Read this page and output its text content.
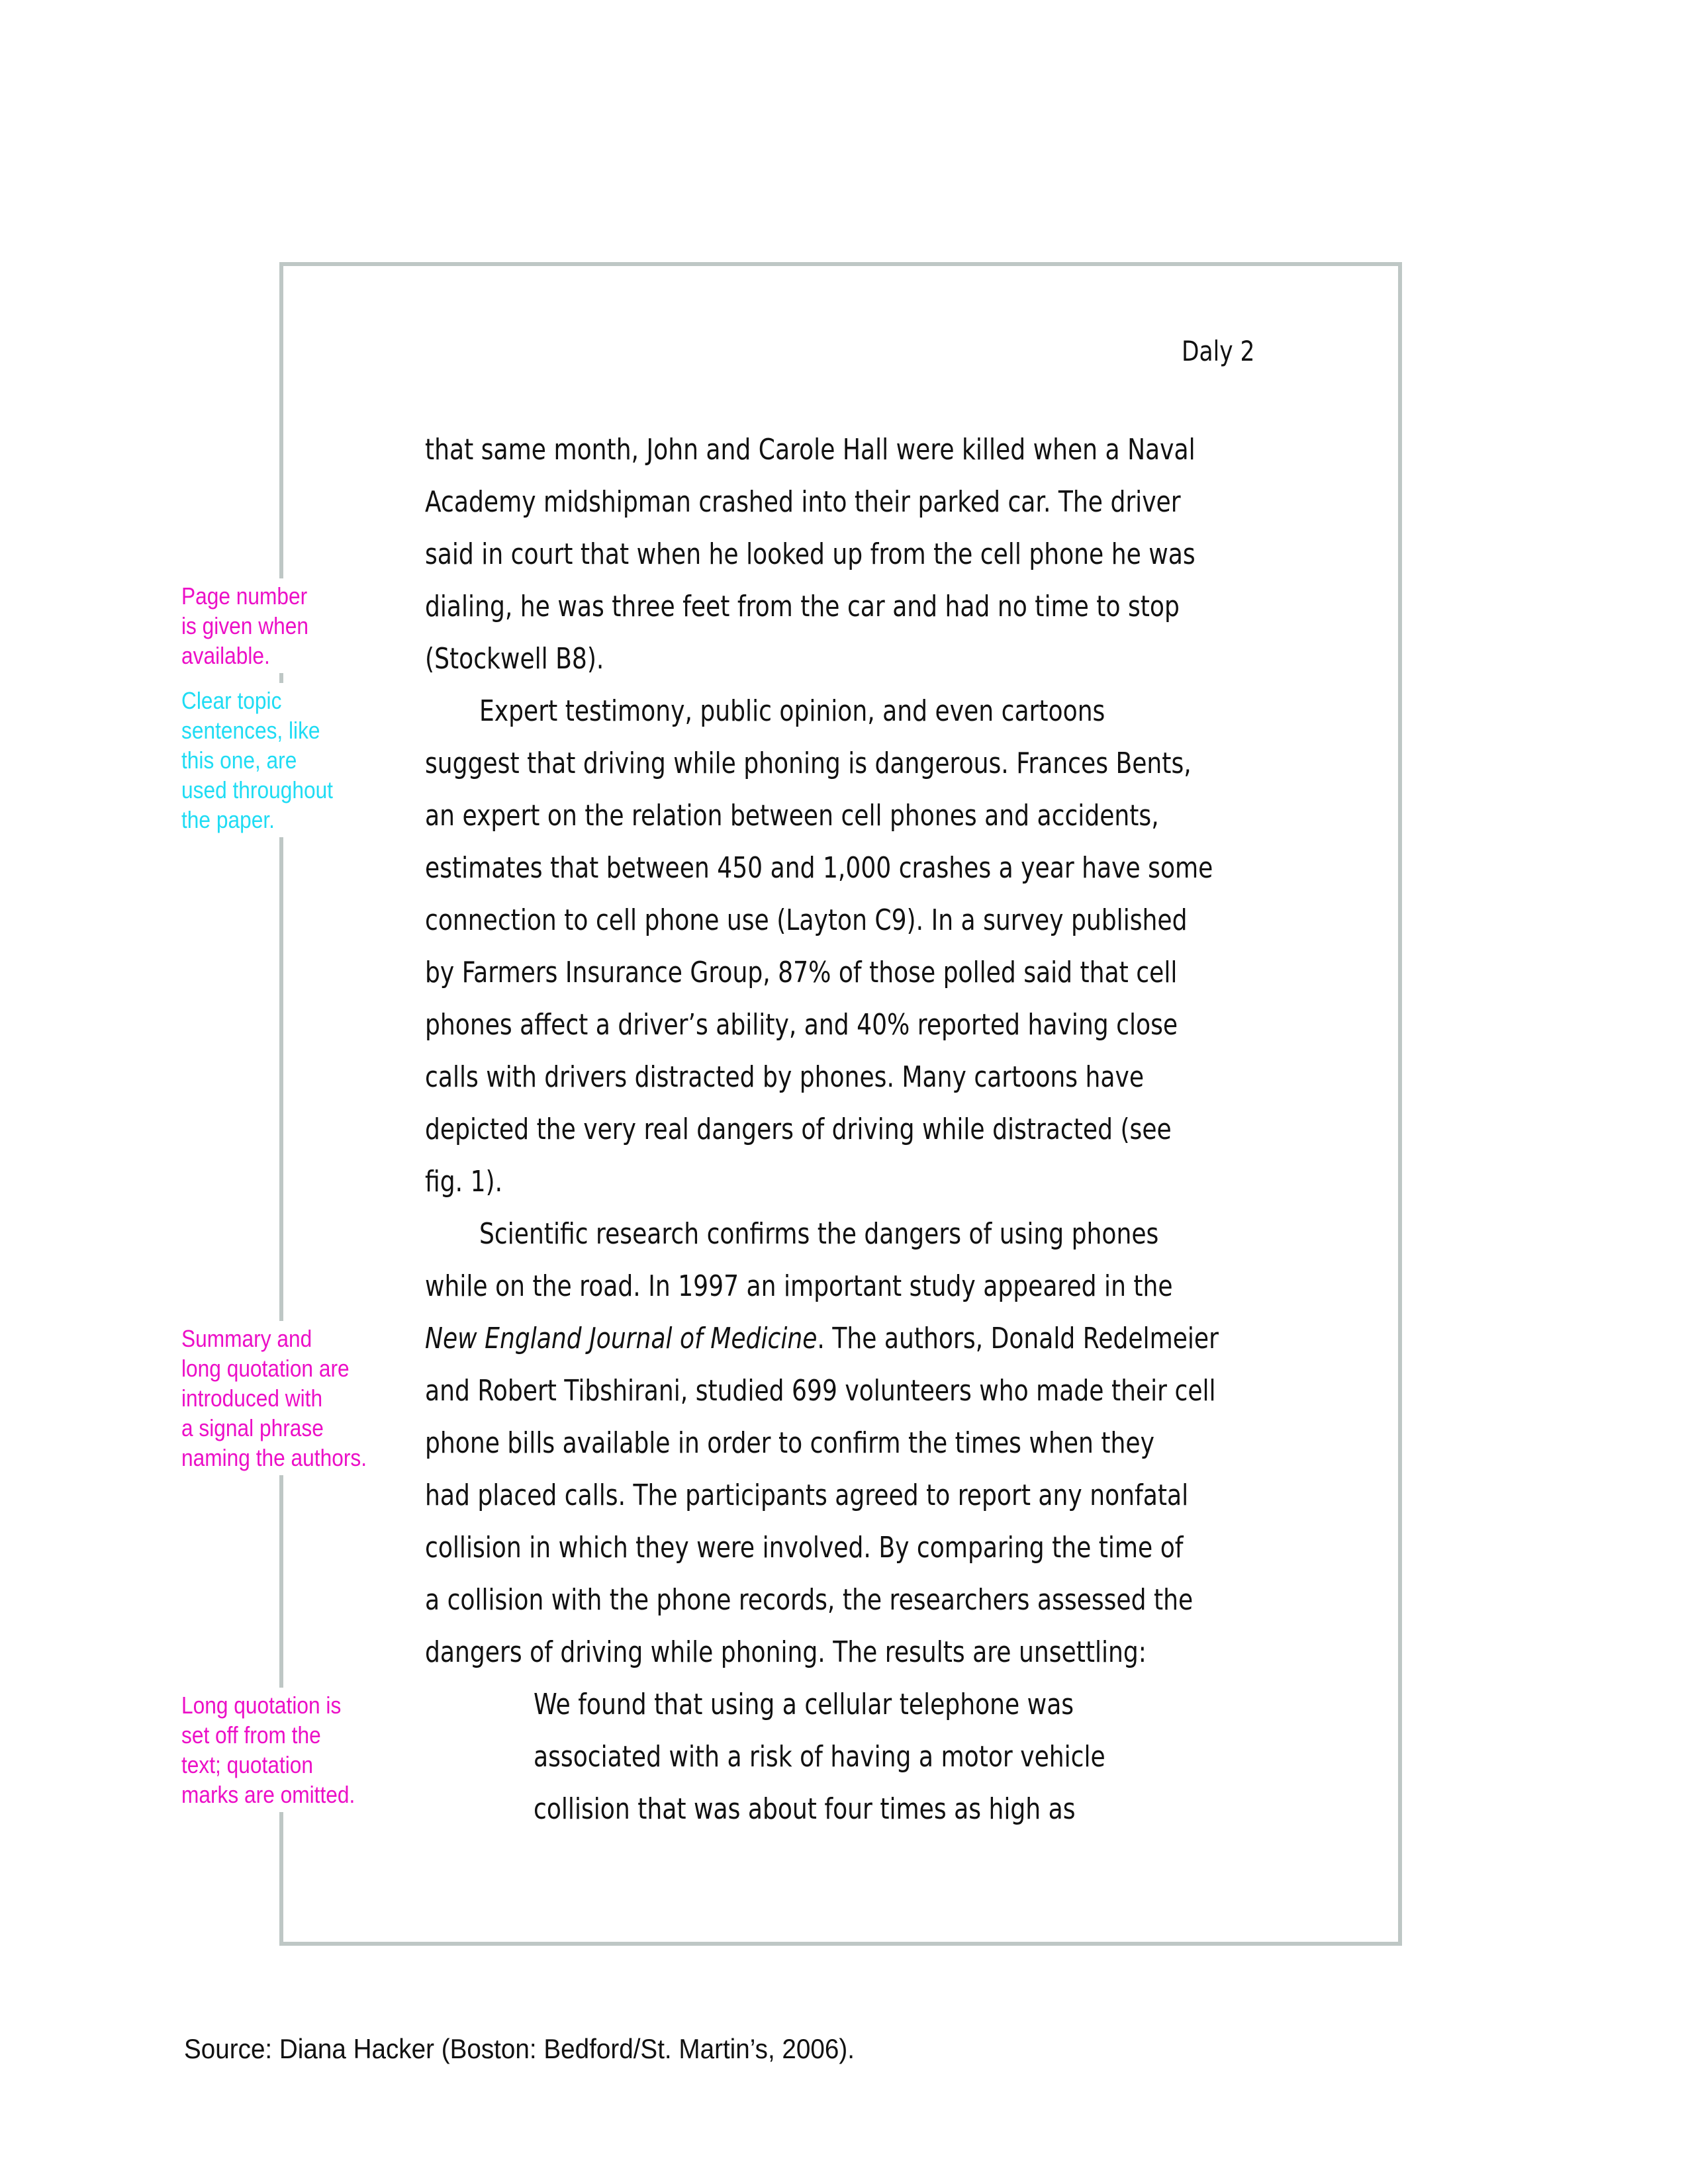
Daly 2
that same month, John and Carole Hall were killed when a Naval
Academy midshipman crashed into their parked car. The driver
said in court that when he looked up from the cell phone he was
dialing, he was three feet from the car and had no time to stop
(Stockwell B8).
Expert testimony, public opinion, and even cartoons
suggest that driving while phoning is dangerous. Frances Bents,
an expert on the relation between cell phones and accidents,
estimates that between 450 and 1,000 crashes a year have some
connection to cell phone use (Layton C9). In a survey published
by Farmers Insurance Group, 87% of those polled said that cell
phones affect a driver’s ability, and 40% reported having close
calls with drivers distracted by phones. Many cartoons have
depicted the very real dangers of driving while distracted (see
fig. 1).
Scientific research confirms the dangers of using phones
while on the road. In 1997 an important study appeared in the
New England Journal of Medicine. The authors, Donald Redelmeier
and Robert Tibshirani, studied 699 volunteers who made their cell
phone bills available in order to confirm the times when they
had placed calls. The participants agreed to report any nonfatal
collision in which they were involved. By comparing the time of
a collision with the phone records, the researchers assessed the
dangers of driving while phoning. The results are unsettling:
We found that using a cellular telephone was
associated with a risk of having a motor vehicle
collision that was about four times as high as
Page number
is given when
available.
Clear topic
sentences, like
this one, are
used throughout
the paper.
Summary and
long quotation are
introduced with
a signal phrase
naming the authors.
Long quotation is
set off from the
text; quotation
marks are omitted.
Source: Diana Hacker (Boston: Bedford/St. Martin’s, 2006).
